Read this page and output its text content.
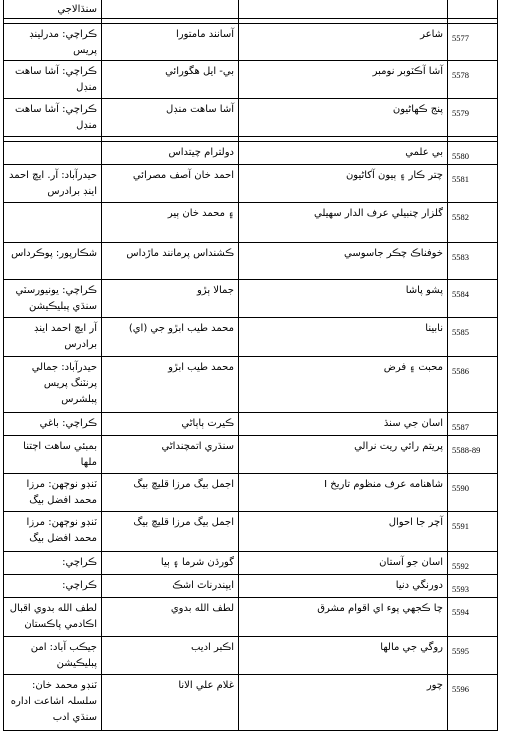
			سنڌالاجي

5577	شاعر	آسانند مامتورا	ڪراچي: مدرلينڊ پريس
5578	آشا آڪٽوبر نومبر	بي- ايل هگورائي	ڪراچي: آشا ساهت منڊل
5579	پنج ڪهاڻيون	آشا ساهت منڊل	ڪراچي: آشا ساهت منڊل

5580	بي علمي	دولترام چيتداس	
5581	چتر ڪار ۽ ٻيون آکاڻيون	احمد خان آصف مصرائي	حيدرآباد: آر. ايچ احمد اينڊ برادرس
5582	گلزار چنبيلي عرف الدار سهيلي	۽ محمد خان ٻير	
5583	خوفناڪ چڪر جاسوسي	ڪشنداس پرمانند ماڙداس	شڪارپور: پوڪرداس
5584	پشو پاشا	جمالا ٻڙو	ڪراچي: يونيورسٽي سنڌي پبليڪيشن
5585	نابينا	محمد طيب ابڙو جي (اي)	آر ايچ احمد اينڊ برادرس
5586	محبت ۽ فرض	محمد طيب ابڙو	حيدرآباد: جمالي پرنٽنگ پريس پبلشرس
5587	اسان جي سنڌ	ڪيرت ٻاٻاڻي	ڪراچي: باغي
5588-89	پريتم رائي ريت نرالي	سنڌري اتمچنداڻي	بمبئي ساهت اڄتنا ملها
5590	شاهنامه عرف منظوم تاريخ I	اجمل بيگ مرزا قليچ بيگ	ٽنڊو نوڄهن: مرزا محمد افضل بيگ
5591	آچر جا احوال	اجمل بيگ مرزا قليچ بيگ	ٽنڊو نوڄهن: مرزا محمد افضل بيگ
5592	اسان جو آستان	گورڌن شرما ۽ ٻيا	ڪراچي:
5593	دورنگي دنيا	ايپندرناٿ اشڪ	ڪراچي:
5594	چا ڪجهي پوء اي اقوام مشرق	لطف الله بدوي	لطف الله بدوي اقبال اڪادمي پاڪستان
5595	روگي جي مالها	اڪبر اديب	جيڪب آباد: امن پبليڪيشن
5596	چور	غلام علي الانا	ٽنڊو محمد خان: سلسلہ اشاعت اداره سنڌي ادب
